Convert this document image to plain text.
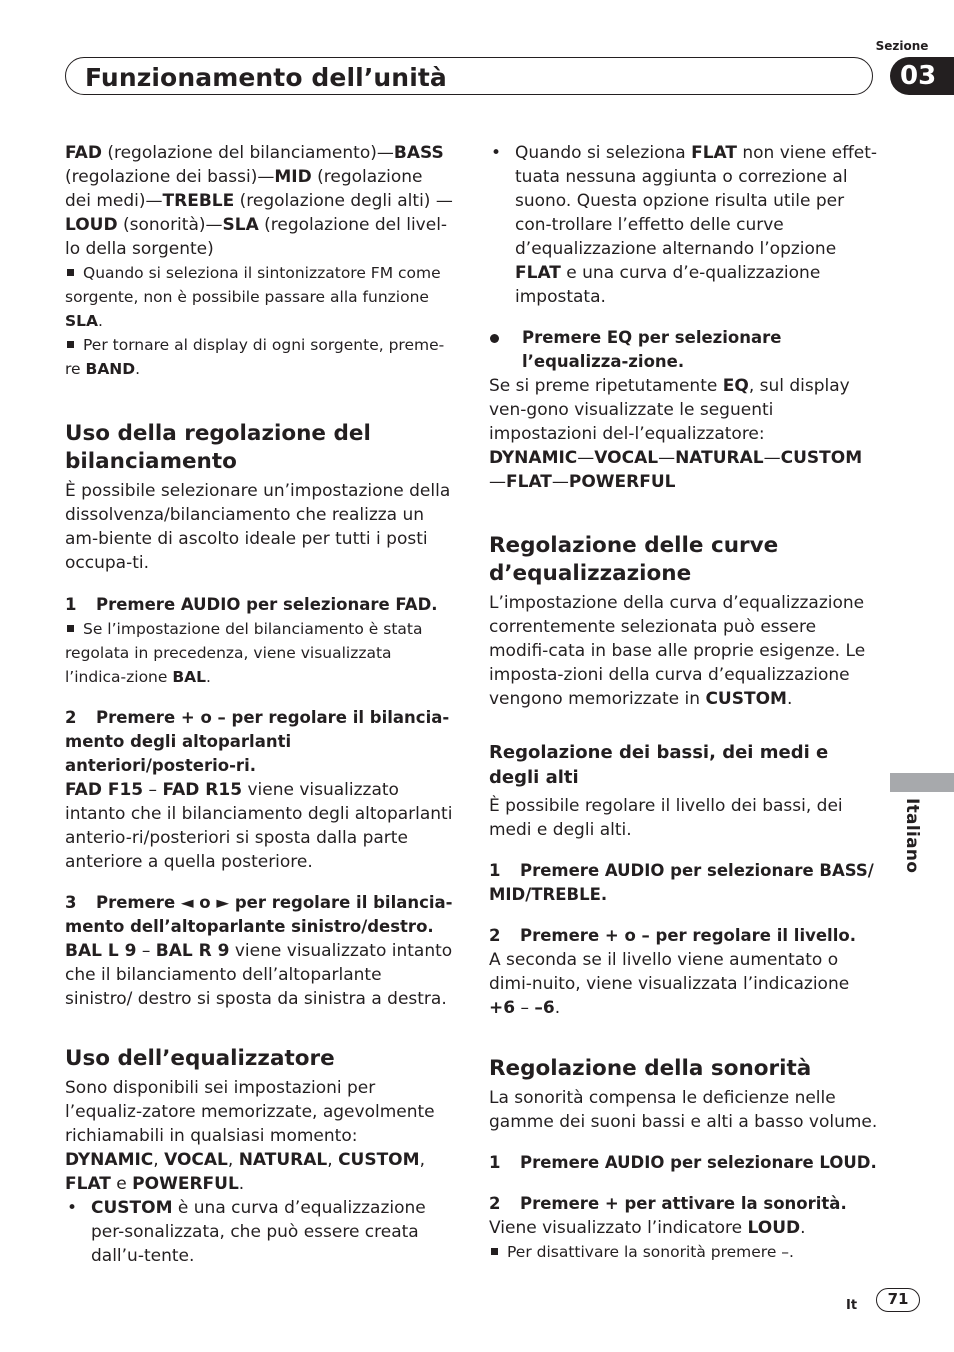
Sezione
Funzionamento dell’unità	03

FAD (regolazione del bilanciamento)—BASS (regolazione dei bassi)—MID (regolazione dei medi)—TREBLE (regolazione degli alti) —LOUD (sonorità)—SLA (regolazione del livel-lo della sorgente)

Quando si seleziona il sintonizzatore FM come sorgente, non è possibile passare alla funzione SLA.

Per tornare al display di ogni sorgente, preme-re BAND.

Uso della regolazione del bilanciamento

È possibile selezionare un’impostazione della dissolvenza/bilanciamento che realizza un am-biente di ascolto ideale per tutti i posti occupa-ti.

1 Premere AUDIO per selezionare FAD.

Se l’impostazione del bilanciamento è stata regolata in precedenza, viene visualizzata l’indica-zione BAL.

2 Premere + o – per regolare il bilancia-mento degli altoparlanti anteriori/posterio-ri.

FAD F15 – FAD R15 viene visualizzato intanto che il bilanciamento degli altoparlanti anterio-ri/posteriori si sposta dalla parte anteriore a quella posteriore.

3 Premere ◄ o ► per regolare il bilancia-mento dell’altoparlante sinistro/destro.

BAL L 9 – BAL R 9 viene visualizzato intanto che il bilanciamento dell’altoparlante sinistro/ destro si sposta da sinistra a destra.

Uso dell’equalizzatore

Sono disponibili sei impostazioni per l’equaliz-zatore memorizzate, agevolmente richiamabili in qualsiasi momento: DYNAMIC, VOCAL, NATURAL, CUSTOM, FLAT e POWERFUL.

• CUSTOM è una curva d’equalizzazione per-sonalizzata, che può essere creata dall’u-tente.

• Quando si seleziona FLAT non viene effet-tuata nessuna aggiunta o correzione al suono. Questa opzione risulta utile per con-trollare l’effetto delle curve d’equalizzazione alternando l’opzione FLAT e una curva d’e-qualizzazione impostata.

Premere EQ per selezionare l’equalizza-zione.

Se si preme ripetutamente EQ, sul display ven-gono visualizzate le seguenti impostazioni del-l’equalizzatore:

DYNAMIC—VOCAL—NATURAL—CUSTOM —FLAT—POWERFUL

Regolazione delle curve d’equalizzazione

L’impostazione della curva d’equalizzazione correntemente selezionata può essere modifi-cata in base alle proprie esigenze. Le imposta-zioni della curva d’equalizzazione vengono memorizzate in CUSTOM.

Regolazione dei bassi, dei medi e degli alti

È possibile regolare il livello dei bassi, dei medi e degli alti.

1 Premere AUDIO per selezionare BASS/ MID/TREBLE.

2 Premere + o – per regolare il livello.

A seconda se il livello viene aumentato o dimi-nuito, viene visualizzata l’indicazione +6 – –6.

Regolazione della sonorità

La sonorità compensa le deficienze nelle gamme dei suoni bassi e alti a basso volume.

1 Premere AUDIO per selezionare LOUD.

2 Premere + per attivare la sonorità.

Viene visualizzato l’indicatore LOUD.

Per disattivare la sonorità premere –.

Italiano
It	71
